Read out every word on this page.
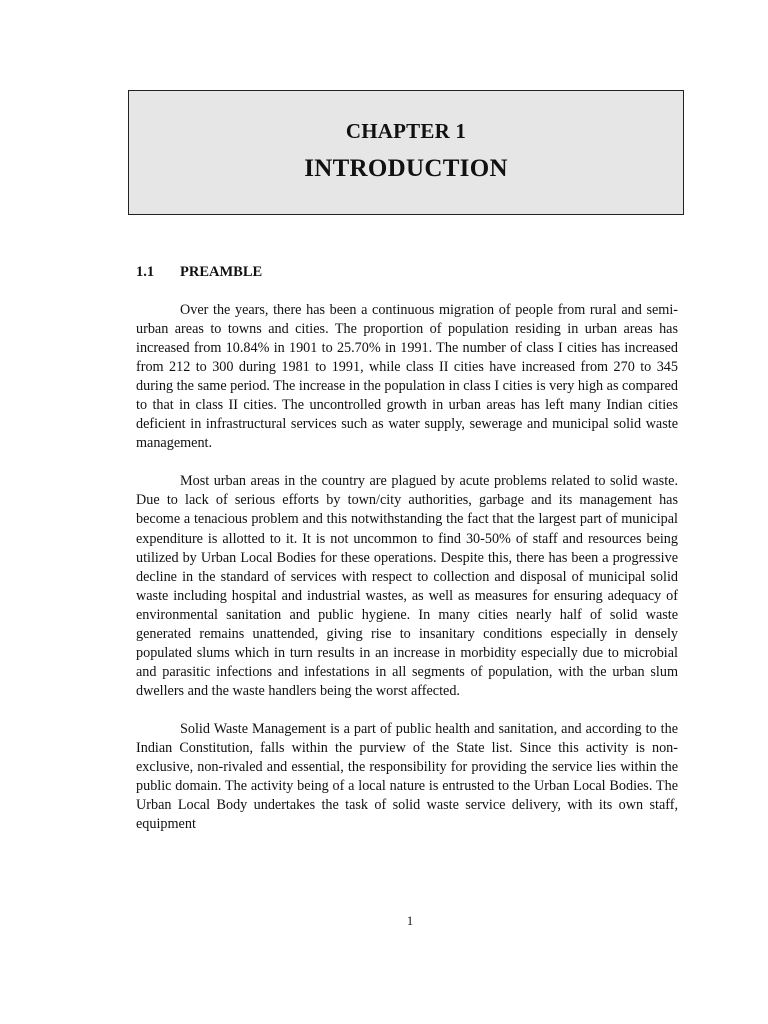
CHAPTER 1
INTRODUCTION
1.1 PREAMBLE

Over the years, there has been a continuous migration of people from rural and semi-urban areas to towns and cities. The proportion of population residing in urban areas has increased from 10.84% in 1901 to 25.70% in 1991. The number of class I cities has increased from 212 to 300 during 1981 to 1991, while class II cities have increased from 270 to 345 during the same period. The increase in the population in class I cities is very high as compared to that in class II cities. The uncontrolled growth in urban areas has left many Indian cities deficient in infrastructural services such as water supply, sewerage and municipal solid waste management.

Most urban areas in the country are plagued by acute problems related to solid waste. Due to lack of serious efforts by town/city authorities, garbage and its management has become a tenacious problem and this notwithstanding the fact that the largest part of municipal expenditure is allotted to it. It is not uncommon to find 30-50% of staff and resources being utilized by Urban Local Bodies for these operations. Despite this, there has been a progressive decline in the standard of services with respect to collection and disposal of municipal solid waste including hospital and industrial wastes, as well as measures for ensuring adequacy of environmental sanitation and public hygiene. In many cities nearly half of solid waste generated remains unattended, giving rise to insanitary conditions especially in densely populated slums which in turn results in an increase in morbidity especially due to microbial and parasitic infections and infestations in all segments of population, with the urban slum dwellers and the waste handlers being the worst affected.

Solid Waste Management is a part of public health and sanitation, and according to the Indian Constitution, falls within the purview of the State list. Since this activity is non-exclusive, non-rivaled and essential, the responsibility for providing the service lies within the public domain. The activity being of a local nature is entrusted to the Urban Local Bodies. The Urban Local Body undertakes the task of solid waste service delivery, with its own staff, equipment

1
